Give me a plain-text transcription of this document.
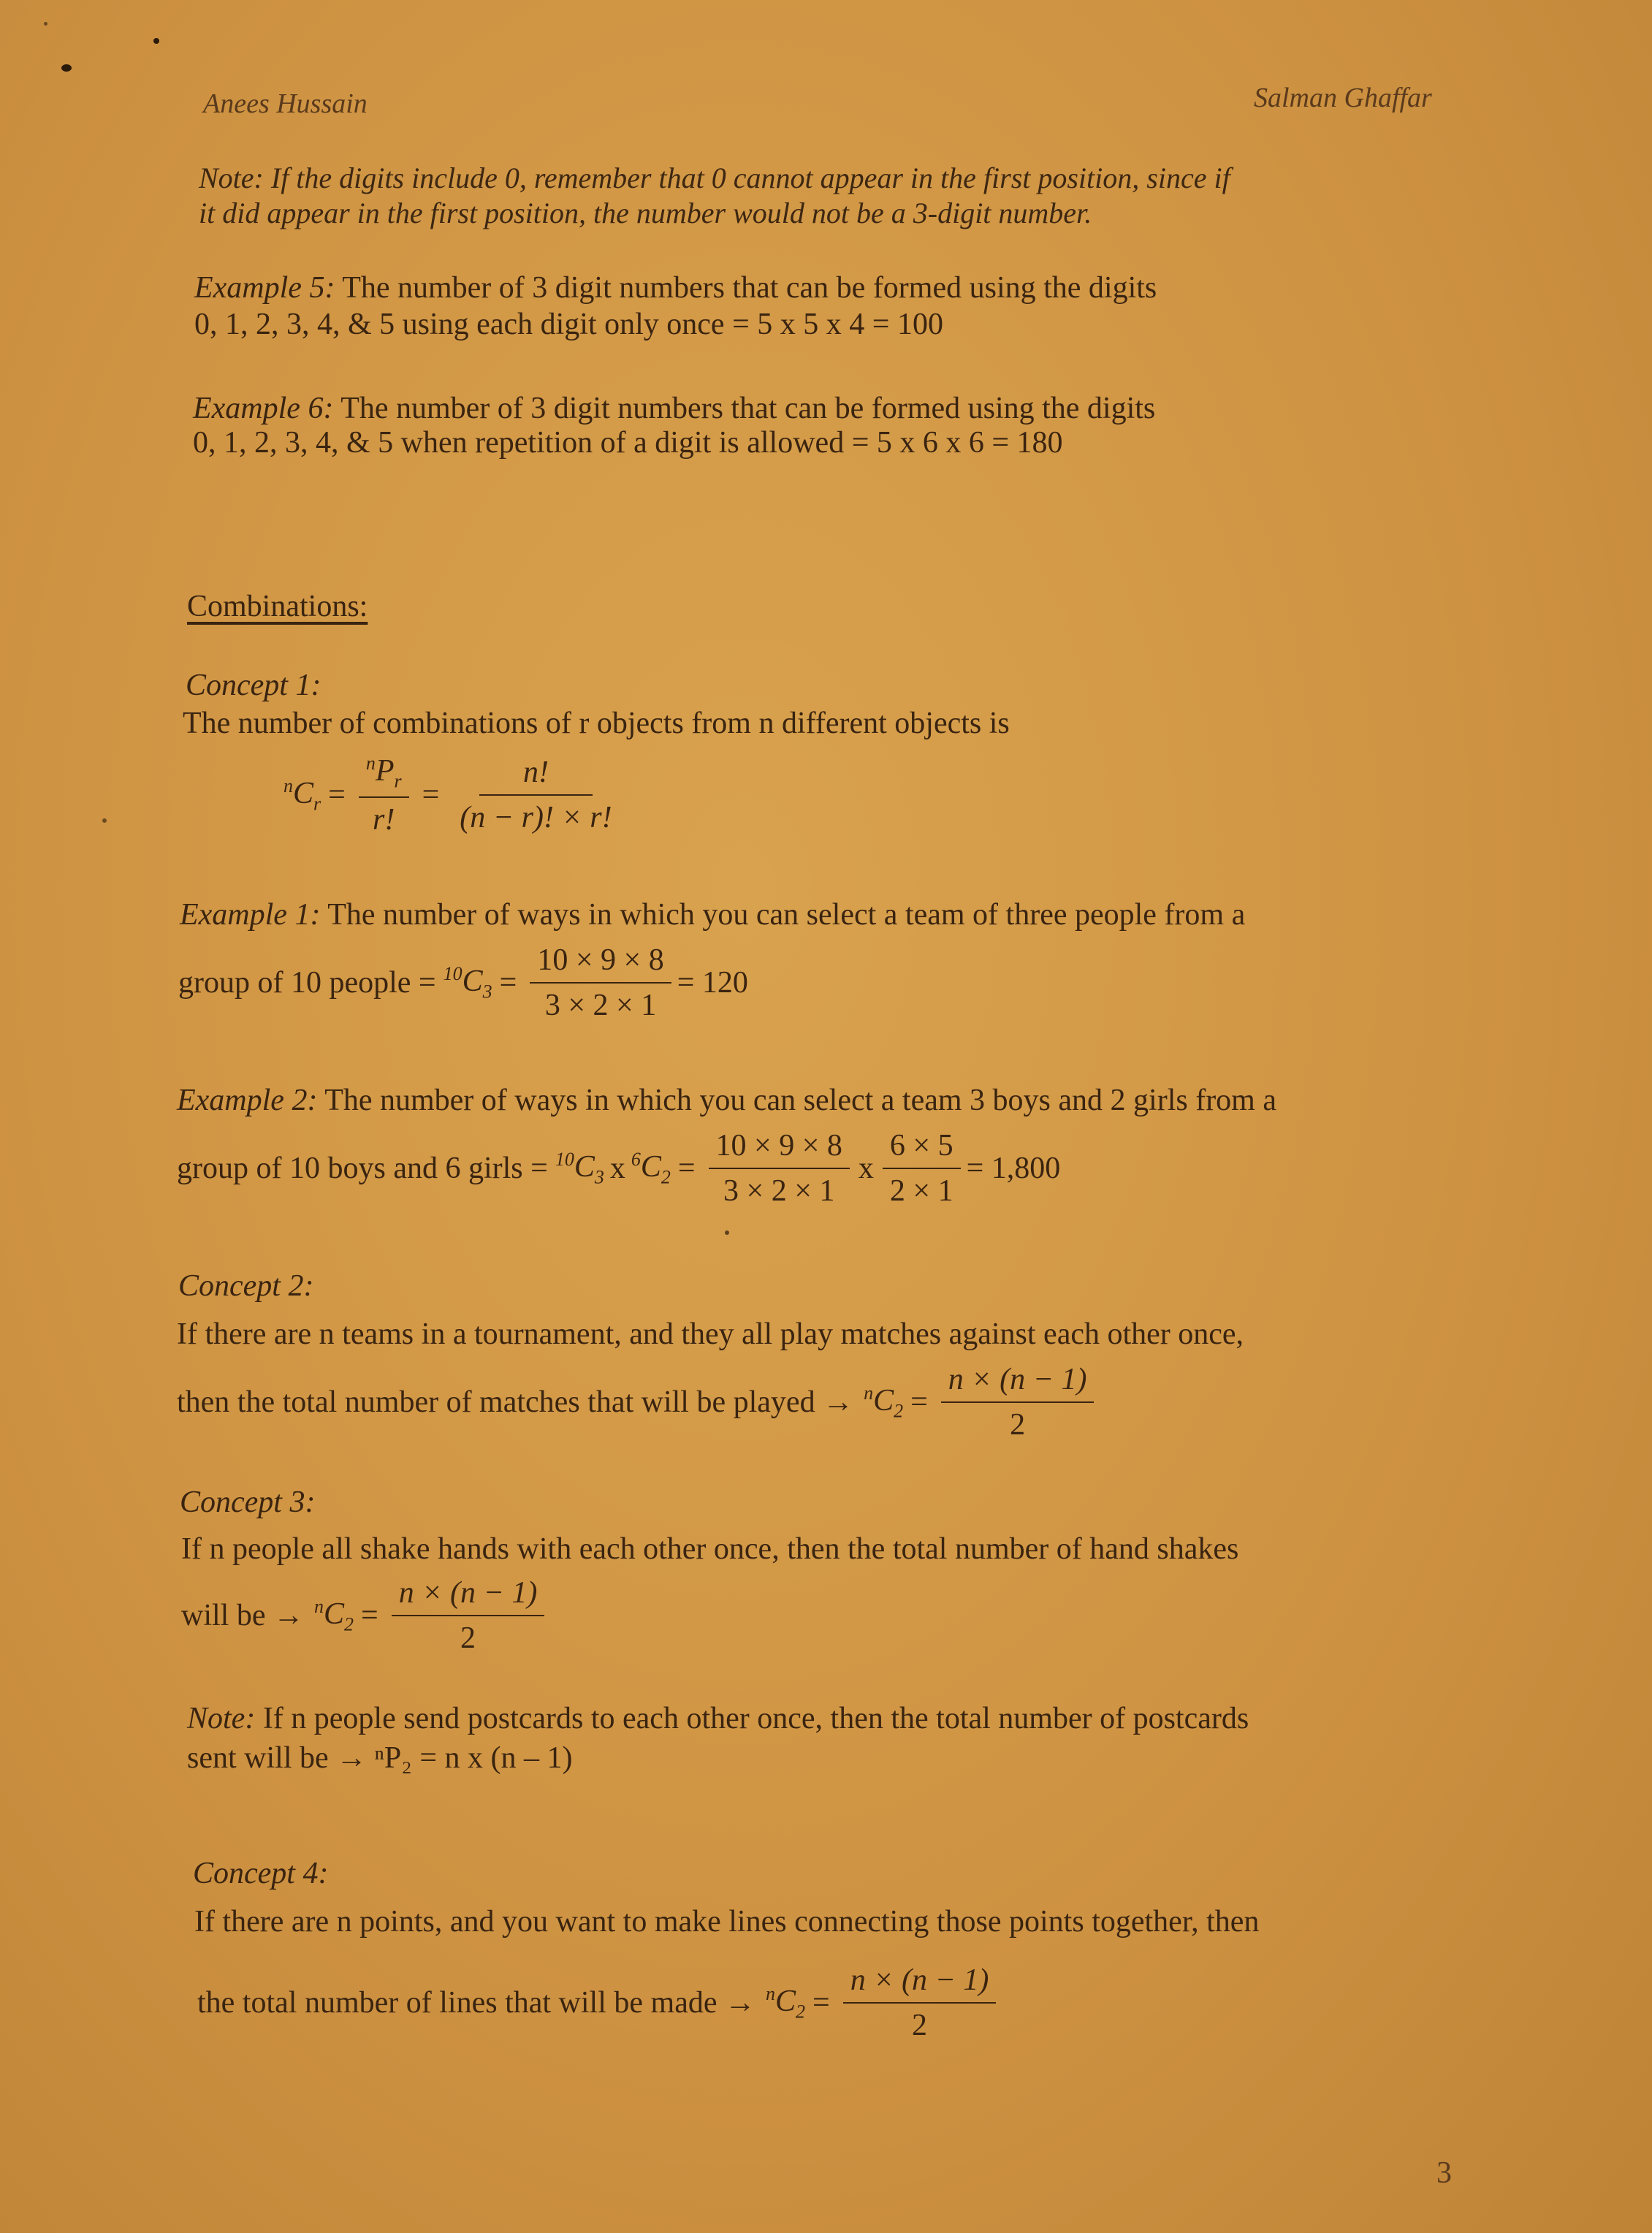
Anees Hussain	Salman Ghaffar
Note: If the digits include 0, remember that 0 cannot appear in the first position, since if
it did appear in the first position, the number would not be a 3-digit number.
Example 5: The number of 3 digit numbers that can be formed using the digits
0, 1, 2, 3, 4, & 5 using each digit only once = 5 x 5 x 4 = 100
Example 6: The number of 3 digit numbers that can be formed using the digits
0, 1, 2, 3, 4, & 5 when repetition of a digit is allowed = 5 x 6 x 6 = 180
Combinations:
Concept 1:
The number of combinations of r objects from n different objects is
$^nC_r = \frac{^nP_r}{r!} = \frac{n!}{(n - r)! \times r!}$
Example 1: The number of ways in which you can select a team of three people from a
group of 10 people = $^{10}C_3 = \frac{10 \times 9 \times 8}{3 \times 2 \times 1} = 120$
Example 2: The number of ways in which you can select a team 3 boys and 2 girls from a
group of 10 boys and 6 girls = $^{10}C_3$ x $^6C_2 = \frac{10 \times 9 \times 8}{3 \times 2 \times 1}$ x $\frac{6 \times 5}{2 \times 1} = 1,800$
Concept 2:
If there are n teams in a tournament, and they all play matches against each other once,
then the total number of matches that will be played → $^nC_2 = \frac{n \times (n - 1)}{2}$
Concept 3:
If n people all shake hands with each other once, then the total number of hand shakes
will be → $^nC_2 = \frac{n \times (n - 1)}{2}$
Note: If n people send postcards to each other once, then the total number of postcards
sent will be → ⁿP₂ = n x (n – 1)
Concept 4:
If there are n points, and you want to make lines connecting those points together, then
the total number of lines that will be made → $^nC_2 = \frac{n \times (n - 1)}{2}$
3
